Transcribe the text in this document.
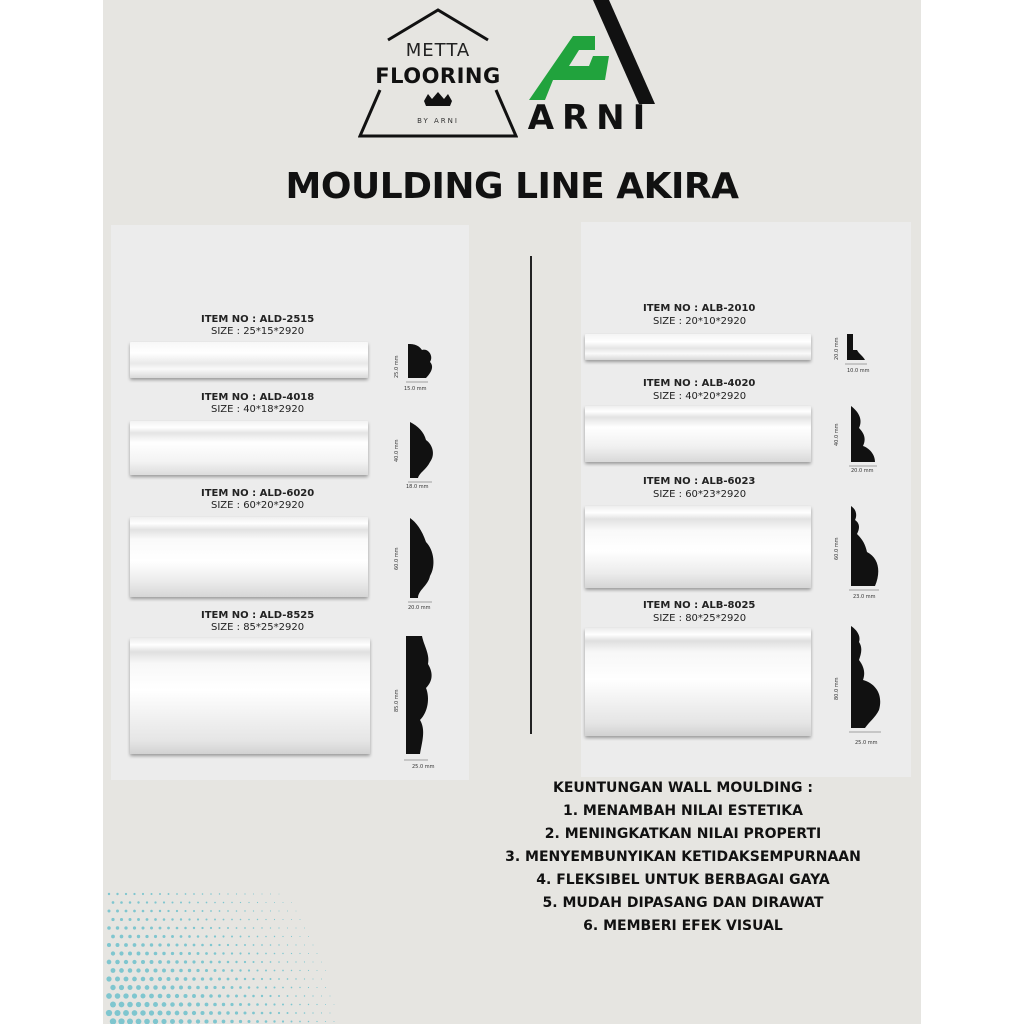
METTA
FLOORING
BY ARNI	ARNI
MOULDING LINE AKIRA
ITEM NO : ALD-2515
SIZE : 25*15*2920
25.0 mm
15.0 mm
ITEM NO : ALD-4018
SIZE : 40*18*2920
40.0 mm
18.0 mm
ITEM NO : ALD-6020
SIZE : 60*20*2920
60.0 mm
20.0 mm
ITEM NO : ALD-8525
SIZE : 85*25*2920
85.0 mm
25.0 mm
ITEM NO : ALB-2010
SIZE : 20*10*2920
20.0 mm
10.0 mm
ITEM NO : ALB-4020
SIZE : 40*20*2920
40.0 mm
20.0 mm
ITEM NO : ALB-6023
SIZE : 60*23*2920
60.0 mm
23.0 mm
ITEM NO : ALB-8025
SIZE : 80*25*2920
80.0 mm
25.0 mm
KEUNTUNGAN WALL MOULDING :
1. MENAMBAH NILAI ESTETIKA
2. MENINGKATKAN NILAI PROPERTI
3. MENYEMBUNYIKAN KETIDAKSEMPURNAAN
4. FLEKSIBEL UNTUK BERBAGAI GAYA
5. MUDAH DIPASANG DAN DIRAWAT
6. MEMBERI EFEK VISUAL
